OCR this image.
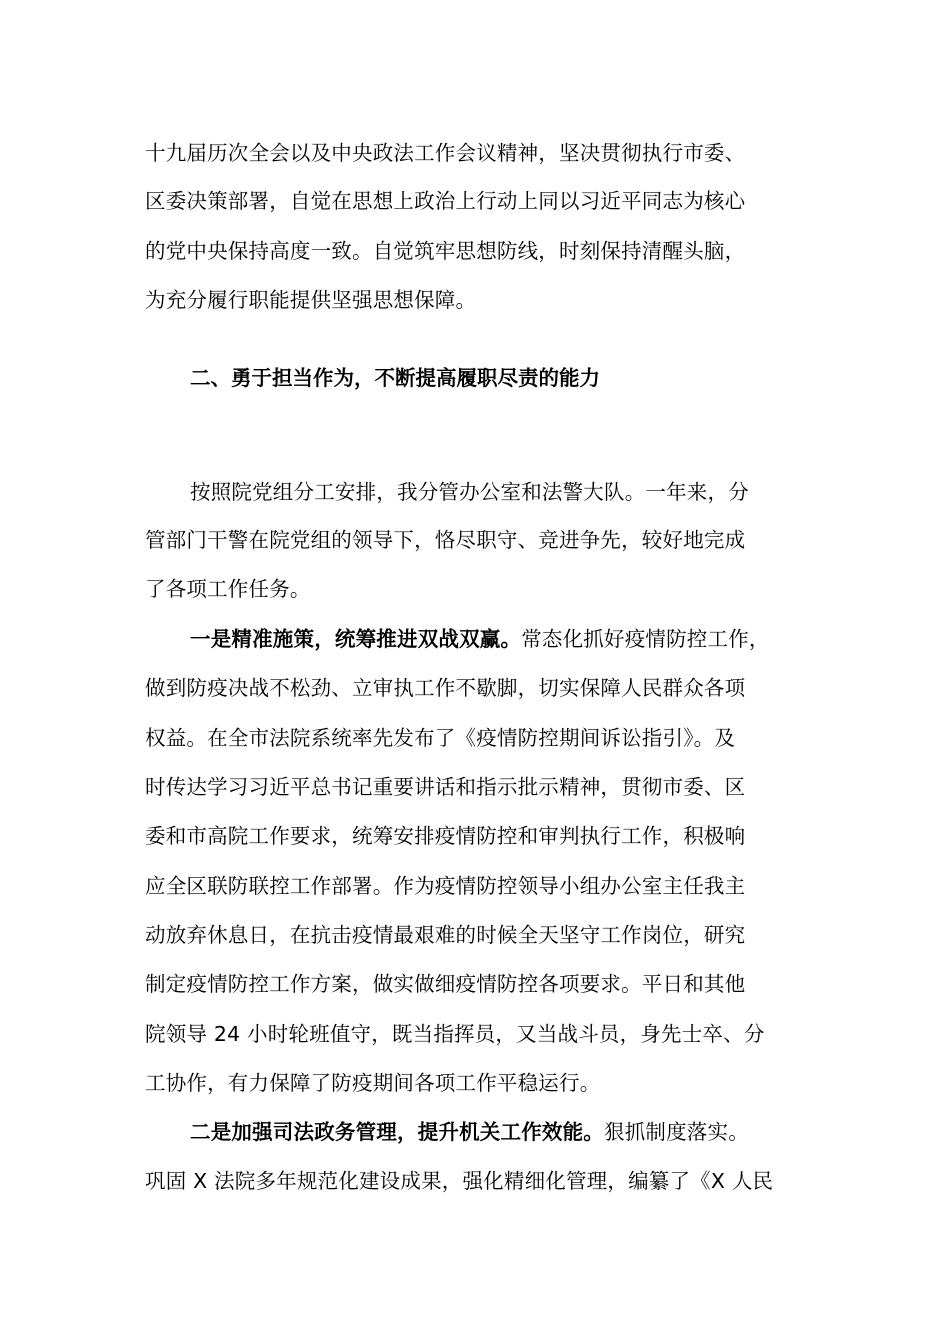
十九届历次全会以及中央政法工作会议精神，坚决贯彻执行市委、
区委决策部署，自觉在思想上政治上行动上同以习近平同志为核心
的党中央保持高度一致。自觉筑牢思想防线，时刻保持清醒头脑，
为充分履行职能提供坚强思想保障。
二、勇于担当作为，不断提高履职尽责的能力
按照院党组分工安排，我分管办公室和法警大队。一年来，分
管部门干警在院党组的领导下，恪尽职守、竞进争先，较好地完成
了各项工作任务。
一是精准施策，统筹推进双战双赢。常态化抓好疫情防控工作，
做到防疫决战不松劲、立审执工作不歇脚，切实保障人民群众各项
权益。在全市法院系统率先发布了《疫情防控期间诉讼指引》。及
时传达学习习近平总书记重要讲话和指示批示精神，贯彻市委、区
委和市高院工作要求，统筹安排疫情防控和审判执行工作，积极响
应全区联防联控工作部署。作为疫情防控领导小组办公室主任我主
动放弃休息日，在抗击疫情最艰难的时候全天坚守工作岗位，研究
制定疫情防控工作方案，做实做细疫情防控各项要求。平日和其他
院领导 24 小时轮班值守，既当指挥员，又当战斗员，身先士卒、分
工协作，有力保障了防疫期间各项工作平稳运行。
二是加强司法政务管理，提升机关工作效能。狠抓制度落实。
巩固 X 法院多年规范化建设成果，强化精细化管理，编纂了《X 人民
